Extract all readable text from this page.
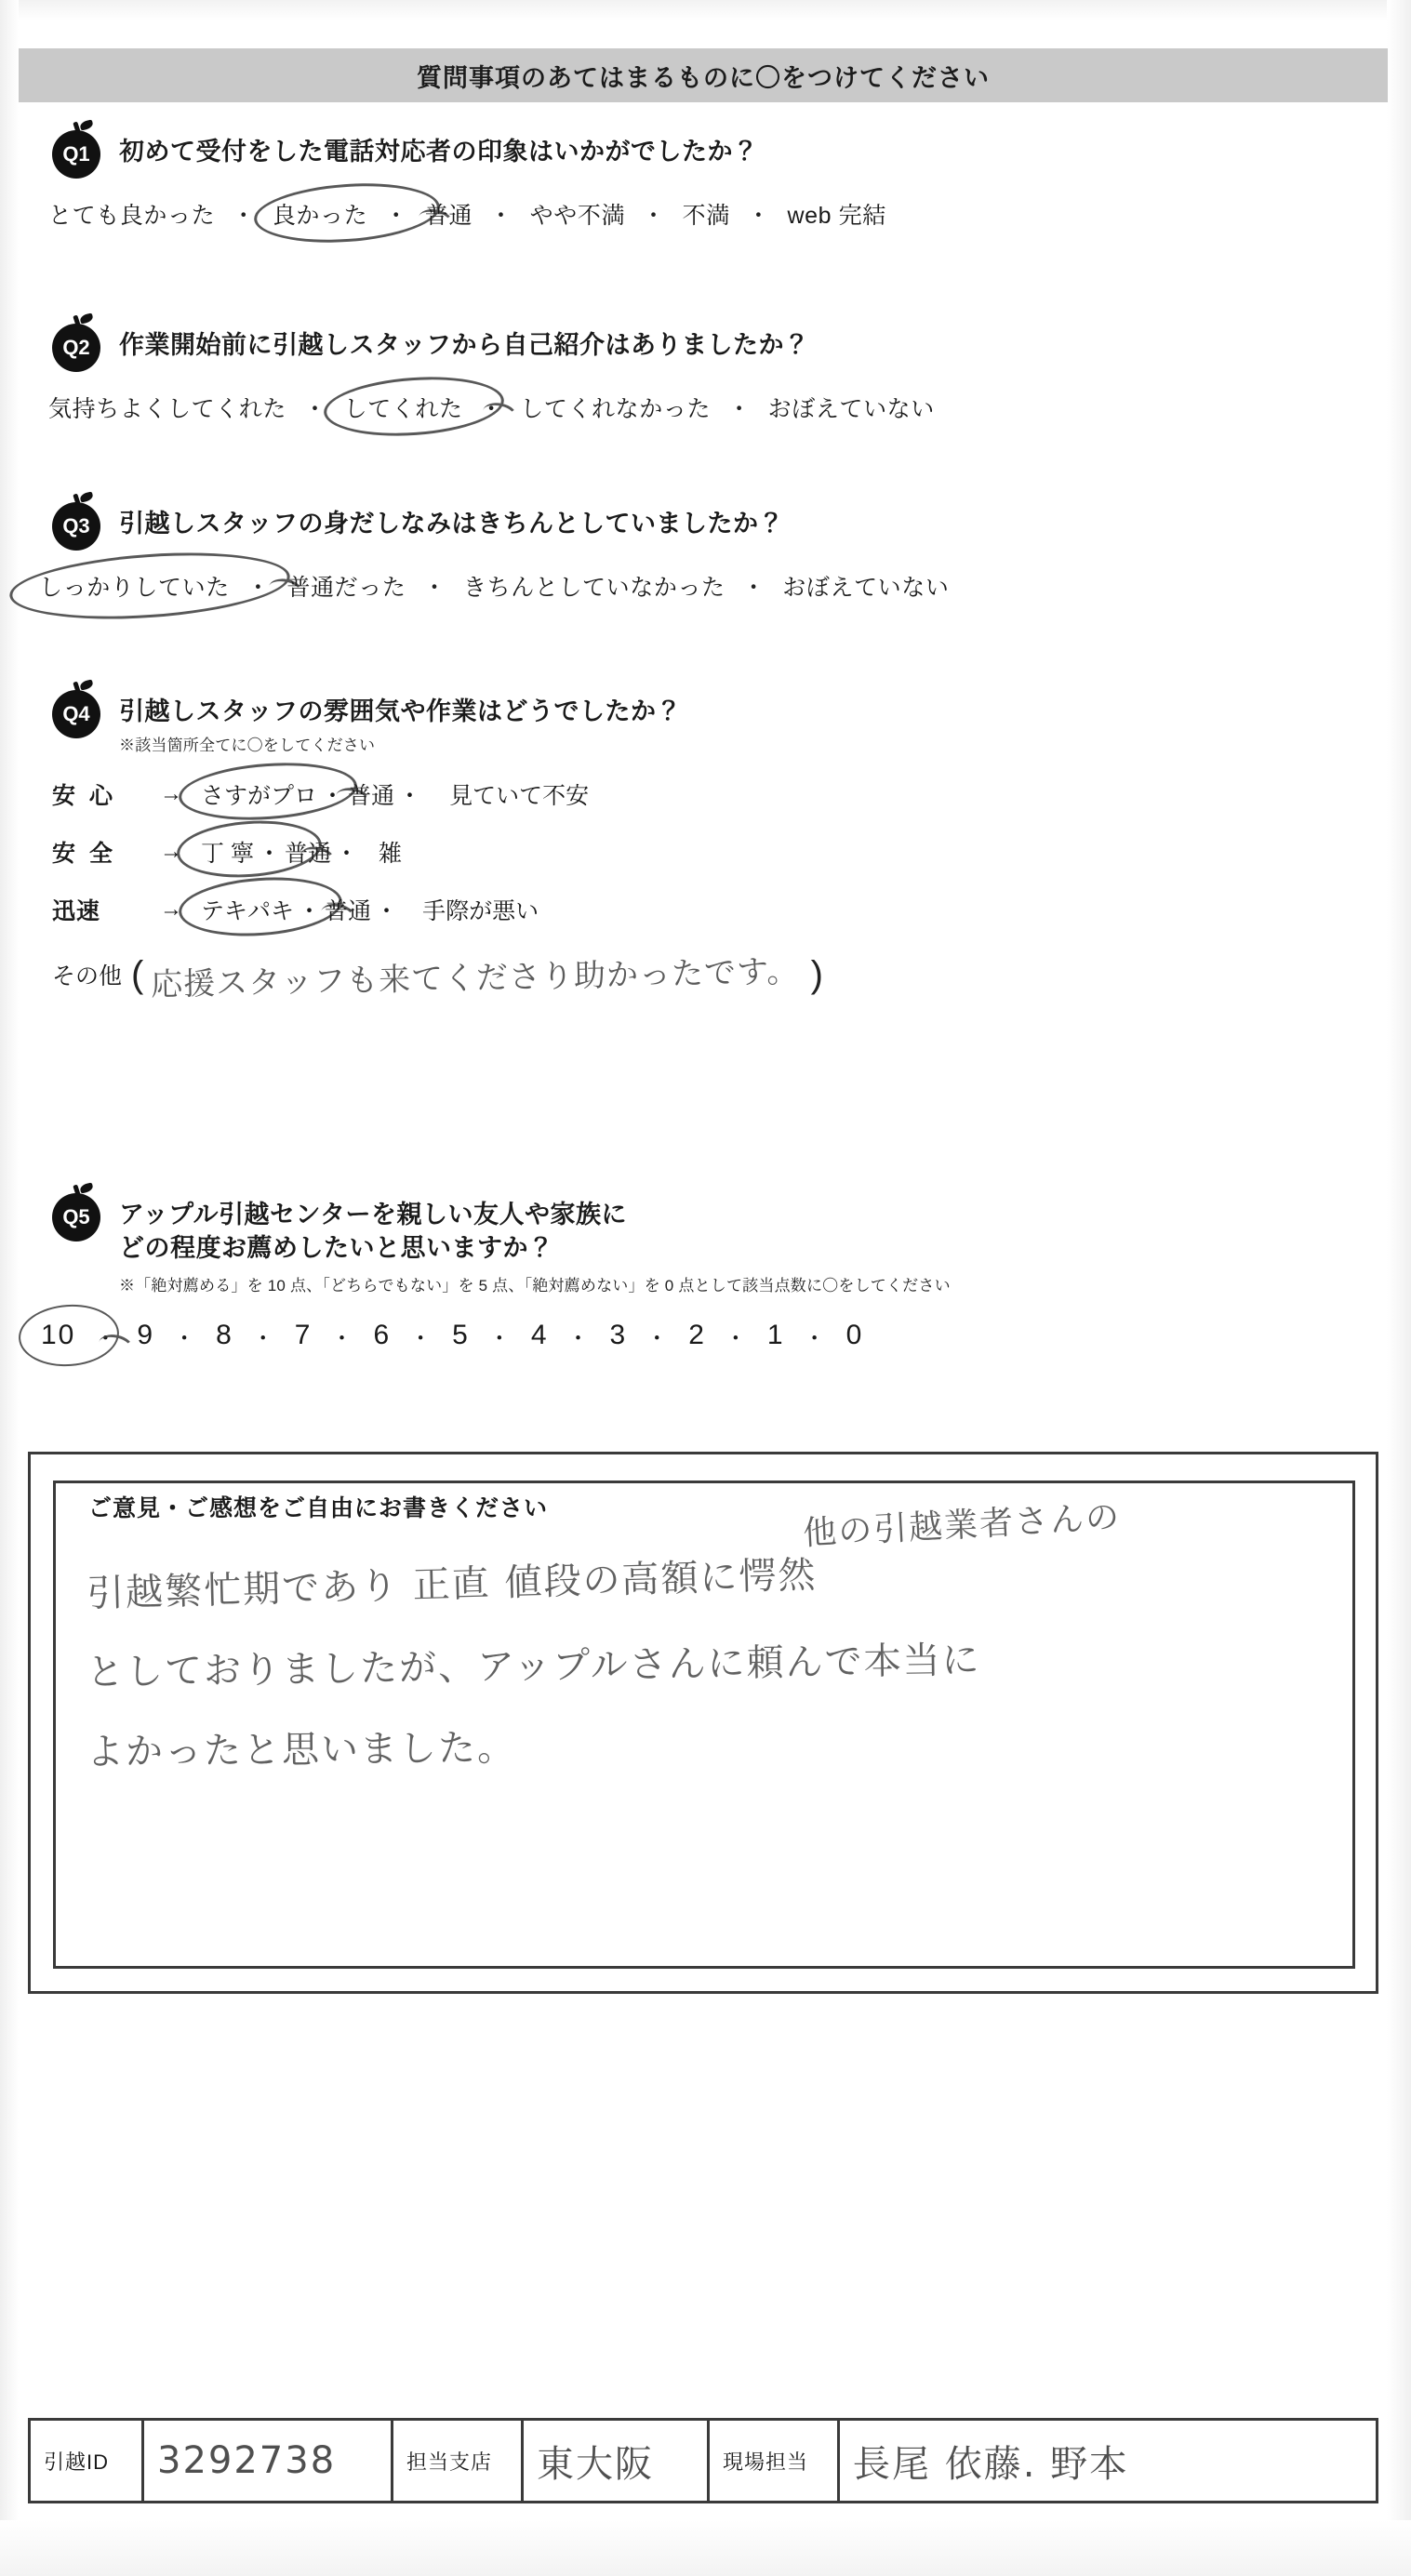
質問事項のあてはまるものに〇をつけてください
Q1	初めて受付をした電話対応者の印象はいかがでしたか？
とても良かった ・ 良かった ・ 普通 ・ やや不満 ・ 不満 ・ web 完結
Q2	作業開始前に引越しスタッフから自己紹介はありましたか？
気持ちよくしてくれた ・ してくれた ・ してくれなかった ・ おぼえていない
Q3	引越しスタッフの身だしなみはきちんとしていましたか？
しっかりしていた ・ 普通だった ・ きちんとしていなかった ・ おぼえていない
Q4	引越しスタッフの雰囲気や作業はどうでしたか？
※該当箇所全てに〇をしてください
安 心	→ さすがプロ ・ 普通 ・ 見ていて不安
安 全	→ 丁 寧 ・ 普通 ・ 雑
迅速	→ テキパキ ・ 普通 ・ 手際が悪い
その他 ( 応援スタッフも来てくださり助かったです。 )
Q5	アップル引越センターを親しい友人や家族に
どの程度お薦めしたいと思いますか？
※「絶対薦める」を 10 点、「どちらでもない」を 5 点、「絶対薦めない」を 0 点として該当点数に〇をしてください
10 ・ 9 ・ 8 ・ 7 ・ 6 ・ 5 ・ 4 ・ 3 ・ 2 ・ 1 ・ 0
ご意見・ご感想をご自由にお書きください	他の引越業者さんの
引越繁忙期であり 正直 値段の高額に愕然
としておりましたが、アップルさんに頼んで本当に
よかったと思いました。
引越ID	3292738	担当支店	東大阪	現場担当	長尾 依藤. 野本
